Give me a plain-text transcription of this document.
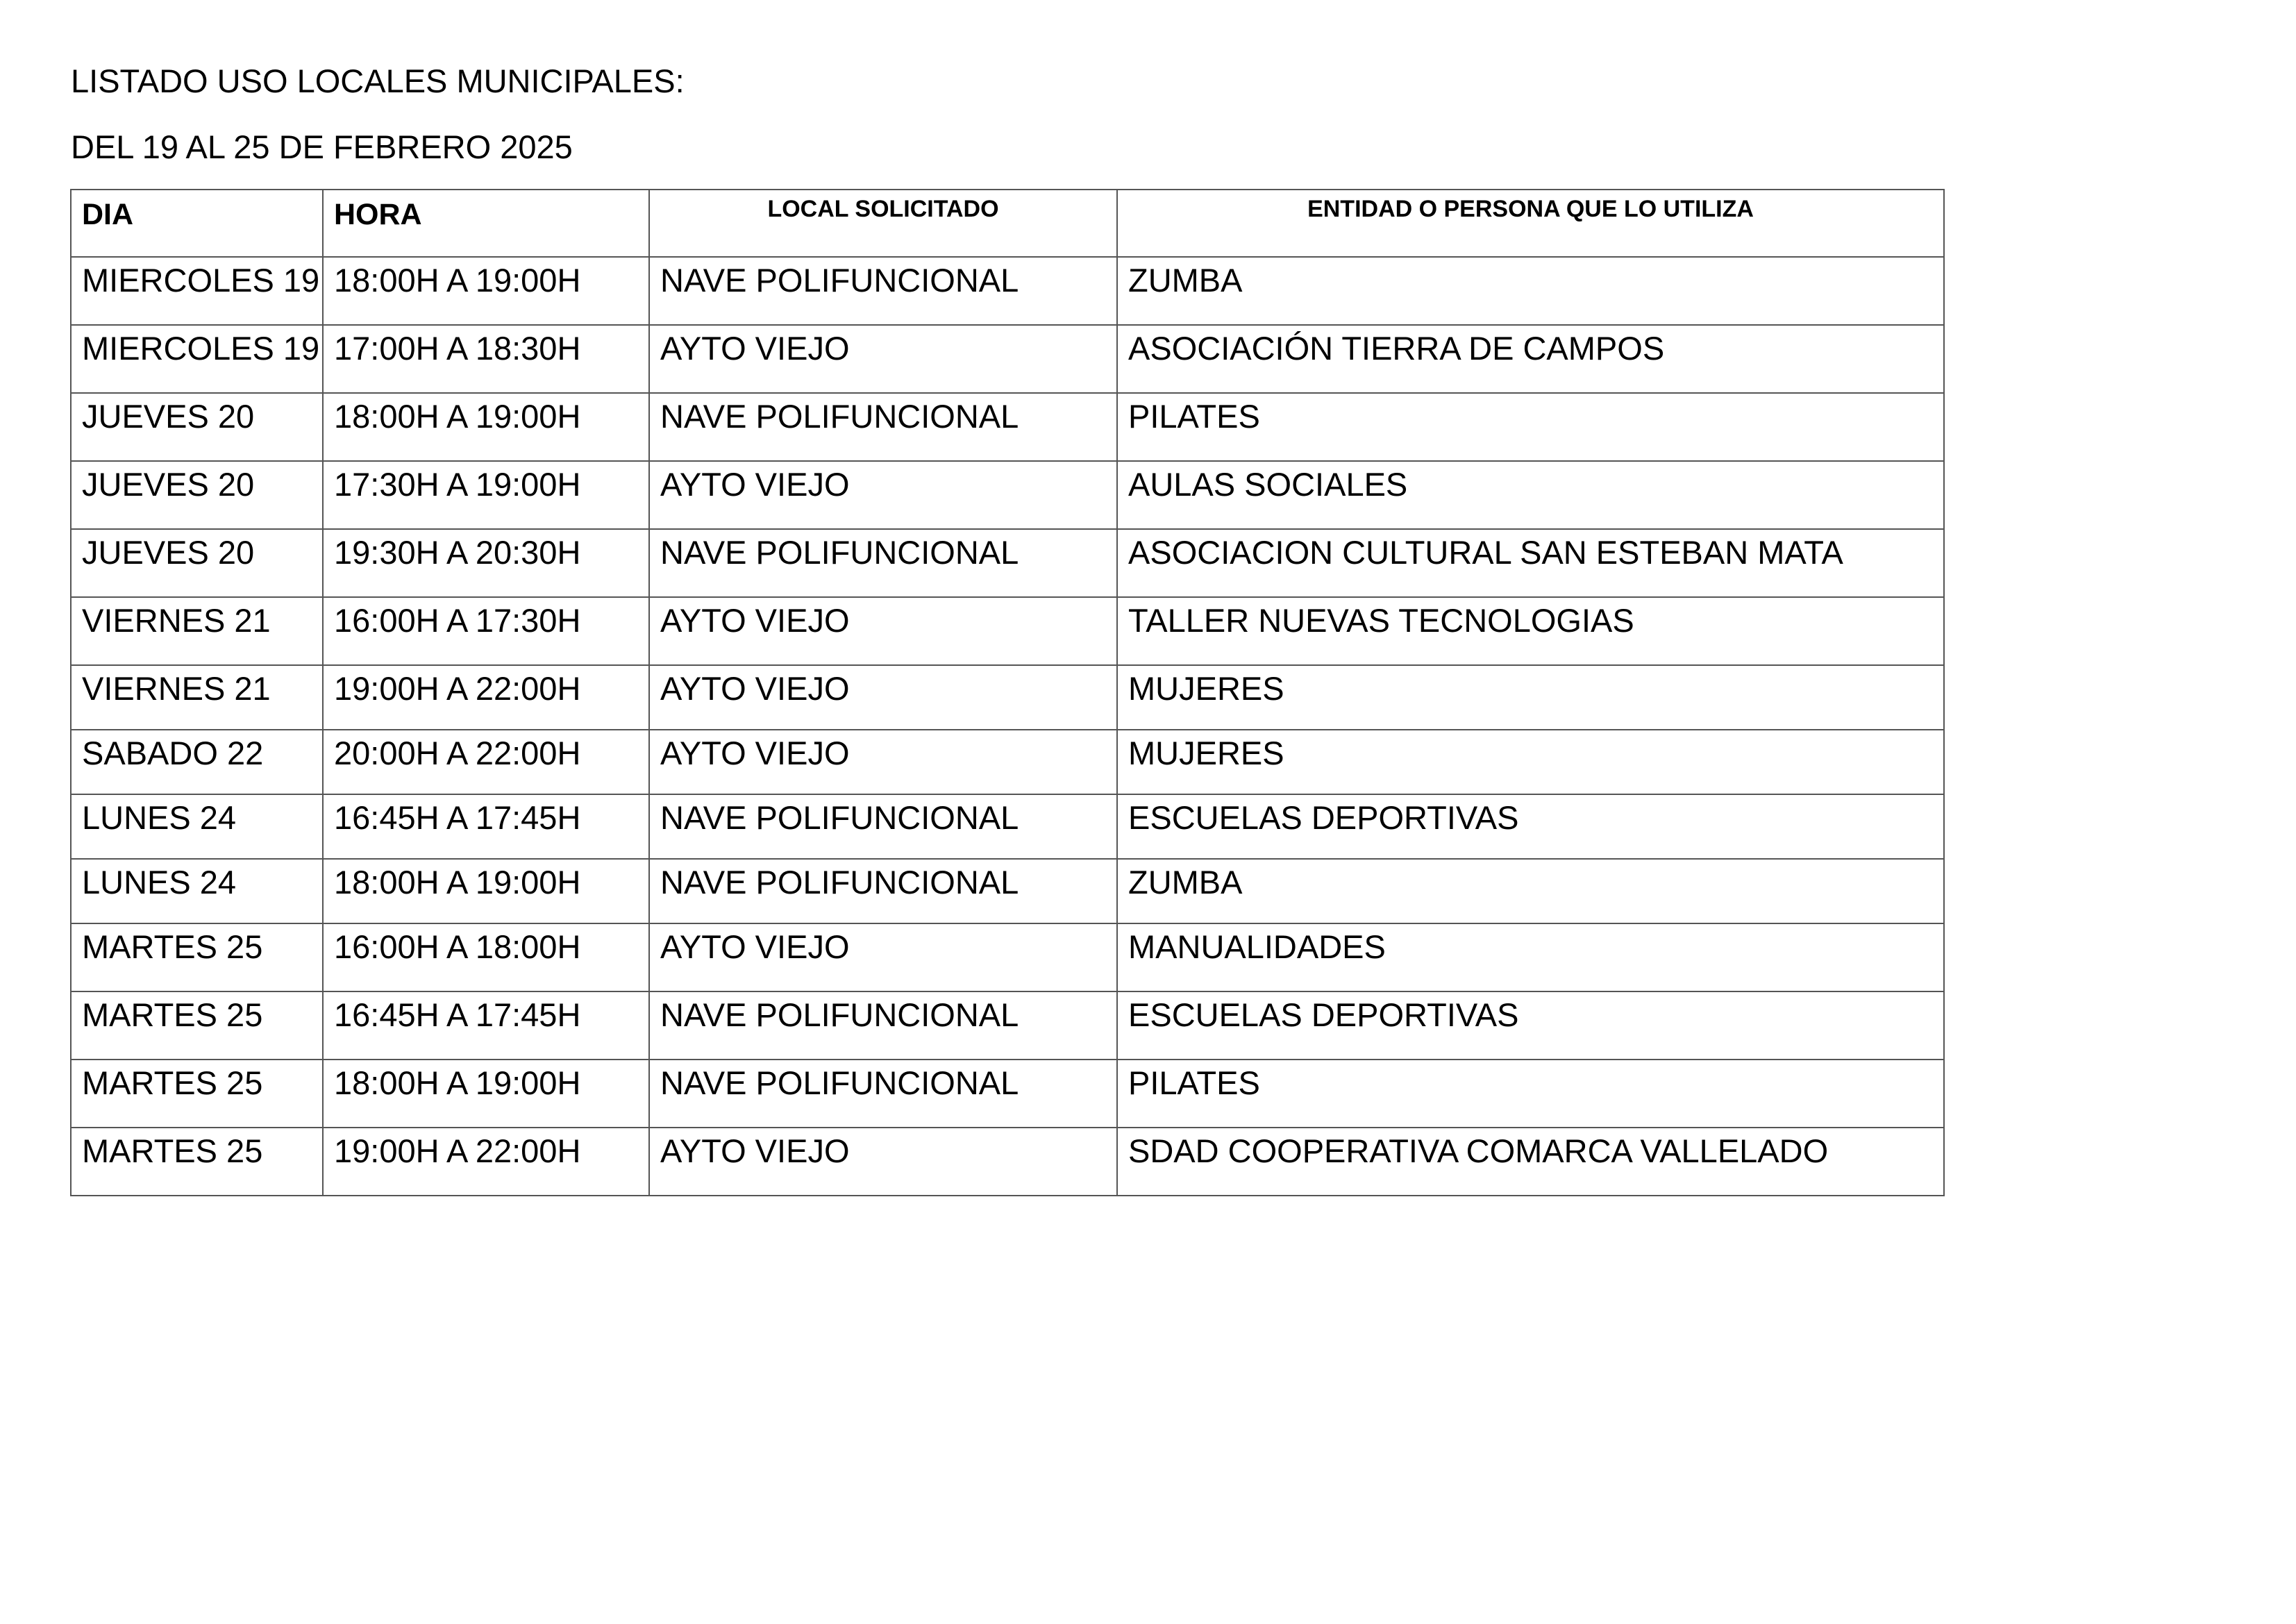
LISTADO USO LOCALES MUNICIPALES:
DEL 19 AL 25 DE FEBRERO 2025
DIA	HORA	LOCAL SOLICITADO	ENTIDAD O PERSONA QUE LO UTILIZA
MIERCOLES 19	18:00H A 19:00H	NAVE POLIFUNCIONAL	ZUMBA
MIERCOLES 19	17:00H A 18:30H	AYTO VIEJO	ASOCIACIÓN TIERRA DE CAMPOS
JUEVES 20	18:00H A 19:00H	NAVE POLIFUNCIONAL	PILATES
JUEVES 20	17:30H A 19:00H	AYTO VIEJO	AULAS SOCIALES
JUEVES 20	19:30H A 20:30H	NAVE POLIFUNCIONAL	ASOCIACION CULTURAL SAN ESTEBAN MATA
VIERNES 21	16:00H A 17:30H	AYTO VIEJO	TALLER NUEVAS TECNOLOGIAS
VIERNES 21	19:00H A 22:00H	AYTO VIEJO	MUJERES
SABADO 22	20:00H A 22:00H	AYTO VIEJO	MUJERES
LUNES 24	16:45H A 17:45H	NAVE POLIFUNCIONAL	ESCUELAS DEPORTIVAS
LUNES 24	18:00H A 19:00H	NAVE POLIFUNCIONAL	ZUMBA
MARTES 25	16:00H A 18:00H	AYTO VIEJO	MANUALIDADES
MARTES 25	16:45H A 17:45H	NAVE POLIFUNCIONAL	ESCUELAS DEPORTIVAS
MARTES 25	18:00H A 19:00H	NAVE POLIFUNCIONAL	PILATES
MARTES 25	19:00H A 22:00H	AYTO VIEJO	SDAD COOPERATIVA COMARCA VALLELADO
